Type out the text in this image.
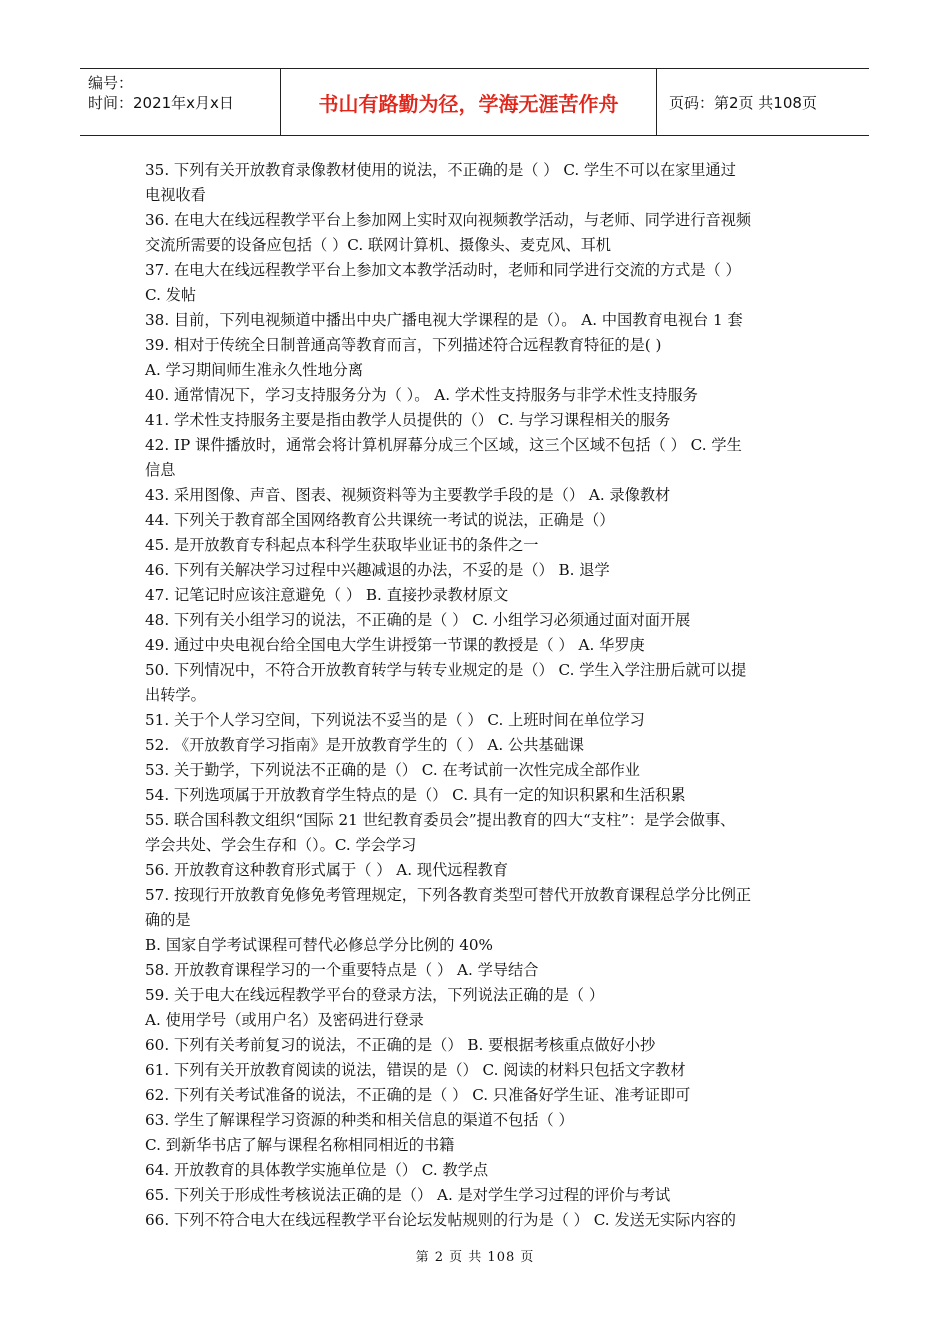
编号：
时间：2021年x月x日	书山有路勤为径，学海无涯苦作舟	页码：第2页 共108页

35. 下列有关开放教育录像教材使用的说法，不正确的是（ ） C. 学生不可以在家里通过

电视收看

36. 在电大在线远程教学平台上参加网上实时双向视频教学活动，与老师、同学进行音视频

交流所需要的设备应包括（ ）C. 联网计算机、摄像头、麦克风、耳机

37. 在电大在线远程教学平台上参加文本教学活动时，老师和同学进行交流的方式是（ ）

C. 发帖

38. 目前，下列电视频道中播出中央广播电视大学课程的是（）。 A. 中国教育电视台 1 套

39. 相对于传统全日制普通高等教育而言，下列描述符合远程教育特征的是( )

A. 学习期间师生准永久性地分离

40. 通常情况下，学习支持服务分为（ ）。 A. 学术性支持服务与非学术性支持服务

41. 学术性支持服务主要是指由教学人员提供的（） C. 与学习课程相关的服务

42. IP 课件播放时，通常会将计算机屏幕分成三个区域，这三个区域不包括（ ） C. 学生

信息

43. 采用图像、声音、图表、视频资料等为主要教学手段的是（） A. 录像教材

44. 下列关于教育部全国网络教育公共课统一考试的说法，正确是（）

45. 是开放教育专科起点本科学生获取毕业证书的条件之一

46. 下列有关解决学习过程中兴趣减退的办法，不妥的是（） B. 退学

47. 记笔记时应该注意避免（ ） B. 直接抄录教材原文

48. 下列有关小组学习的说法，不正确的是（ ） C. 小组学习必须通过面对面开展

49. 通过中央电视台给全国电大学生讲授第一节课的教授是（ ） A. 华罗庚

50. 下列情况中，不符合开放教育转学与转专业规定的是（） C. 学生入学注册后就可以提

出转学。

51. 关于个人学习空间，下列说法不妥当的是（ ） C. 上班时间在单位学习

52. 《开放教育学习指南》是开放教育学生的（ ） A. 公共基础课

53. 关于勤学，下列说法不正确的是（） C. 在考试前一次性完成全部作业

54. 下列选项属于开放教育学生特点的是（） C. 具有一定的知识积累和生活积累

55. 联合国科教文组织“国际 21 世纪教育委员会”提出教育的四大“支柱”：是学会做事、

学会共处、学会生存和（）。C. 学会学习

56. 开放教育这种教育形式属于（ ） A. 现代远程教育

57. 按现行开放教育免修免考管理规定，下列各教育类型可替代开放教育课程总学分比例正

确的是

B. 国家自学考试课程可替代必修总学分比例的 40%

58. 开放教育课程学习的一个重要特点是（ ） A. 学导结合

59. 关于电大在线远程教学平台的登录方法，下列说法正确的是（ ）

A. 使用学号（或用户名）及密码进行登录

60. 下列有关考前复习的说法，不正确的是（） B. 要根据考核重点做好小抄

61. 下列有关开放教育阅读的说法，错误的是（） C. 阅读的材料只包括文字教材

62. 下列有关考试准备的说法，不正确的是（ ） C. 只准备好学生证、准考证即可

63. 学生了解课程学习资源的种类和相关信息的渠道不包括（ ）

C. 到新华书店了解与课程名称相同相近的书籍

64. 开放教育的具体教学实施单位是（） C. 教学点

65. 下列关于形成性考核说法正确的是（） A. 是对学生学习过程的评价与考试

66. 下列不符合电大在线远程教学平台论坛发帖规则的行为是（ ） C. 发送无实际内容的

第 2 页 共 108 页
